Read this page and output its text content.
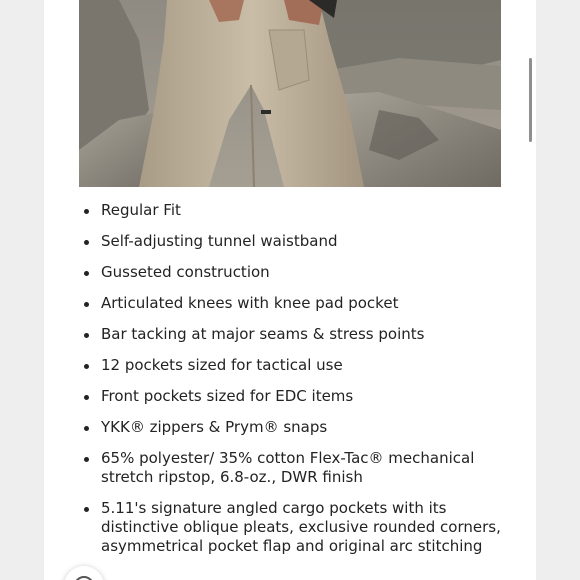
Regular Fit
Self-adjusting tunnel waistband
Gusseted construction
Articulated knees with knee pad pocket
Bar tacking at major seams & stress points
12 pockets sized for tactical use
Front pockets sized for EDC items
YKK® zippers & Prym® snaps
65% polyester/ 35% cotton Flex-Tac® mechanical stretch ripstop, 6.8-oz., DWR finish
5.11's signature angled cargo pockets with its distinctive oblique pleats, exclusive rounded corners, asymmetrical pocket flap and original arc stitching
